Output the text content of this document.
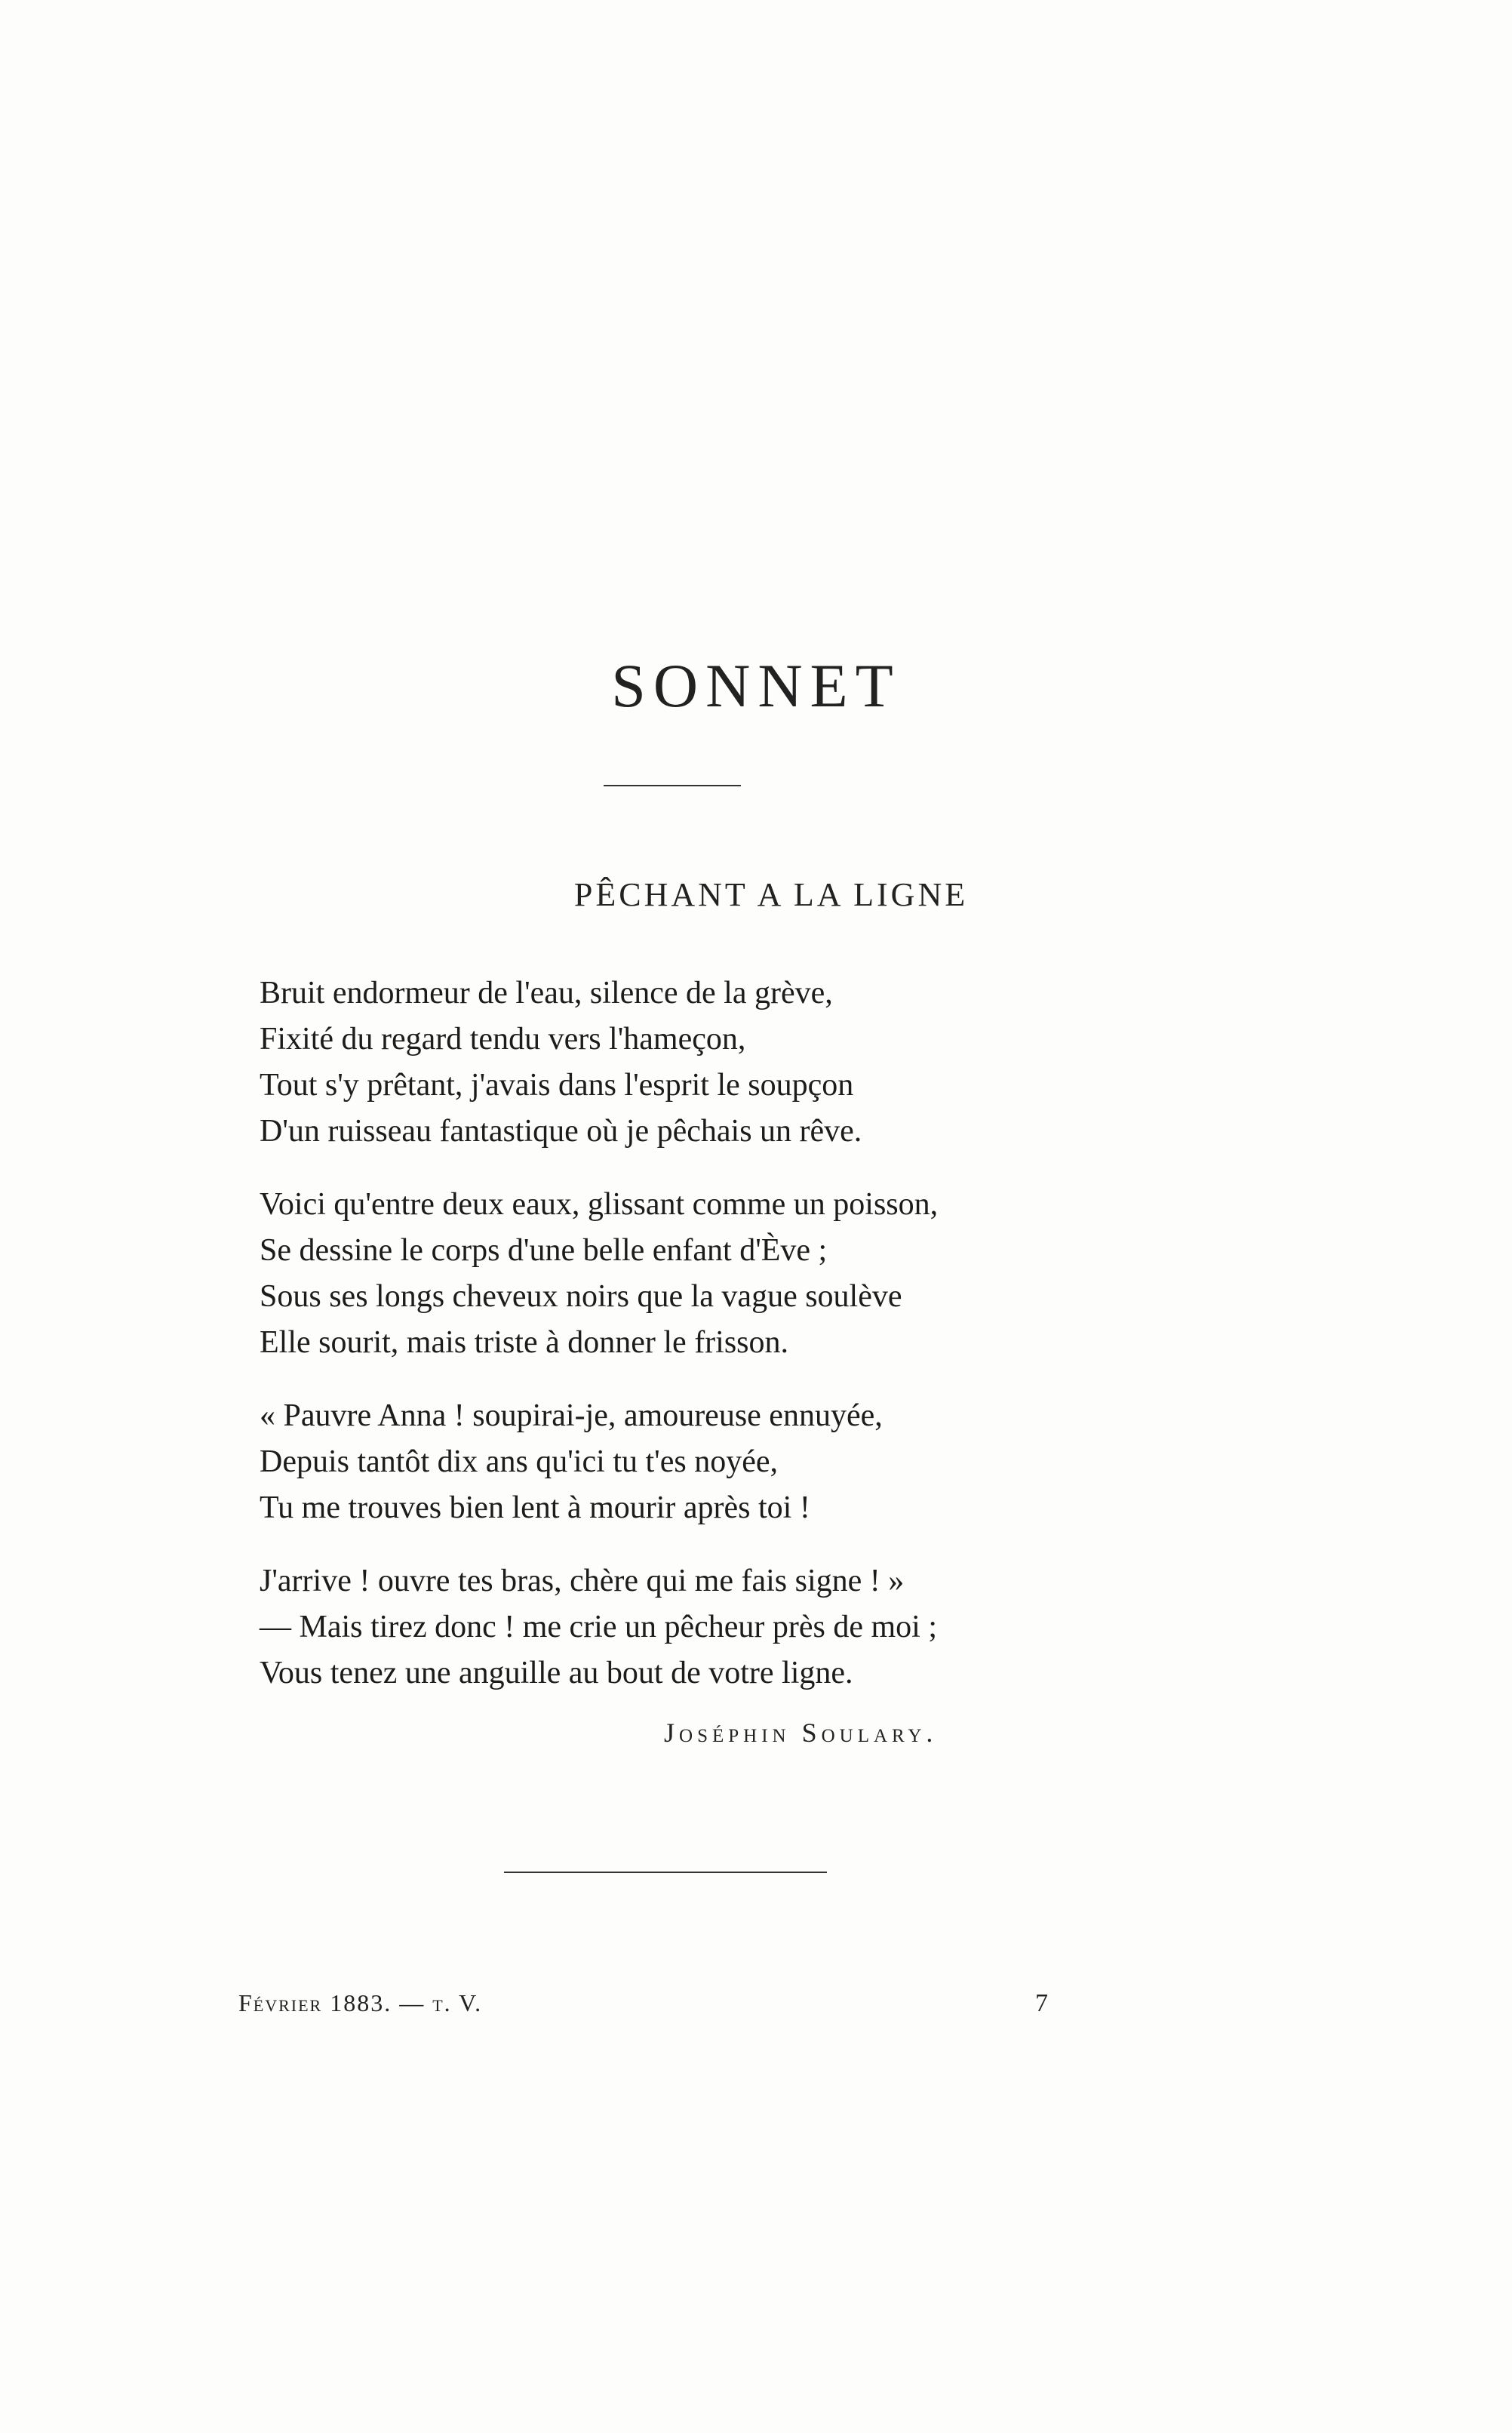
SONNET
PÊCHANT A LA LIGNE
Bruit endormeur de l'eau, silence de la grève,
Fixité du regard tendu vers l'hameçon,
Tout s'y prêtant, j'avais dans l'esprit le soupçon
D'un ruisseau fantastique où je pêchais un rêve.
Voici qu'entre deux eaux, glissant comme un poisson,
Se dessine le corps d'une belle enfant d'Ève ;
Sous ses longs cheveux noirs que la vague soulève
Elle sourit, mais triste à donner le frisson.
« Pauvre Anna ! soupirai-je, amoureuse ennuyée,
Depuis tantôt dix ans qu'ici tu t'es noyée,
Tu me trouves bien lent à mourir après toi !
J'arrive ! ouvre tes bras, chère qui me fais signe ! »
— Mais tirez donc ! me crie un pêcheur près de moi ;
Vous tenez une anguille au bout de votre ligne.
Joséphin Soulary.
Février 1883. — t. V.	7
